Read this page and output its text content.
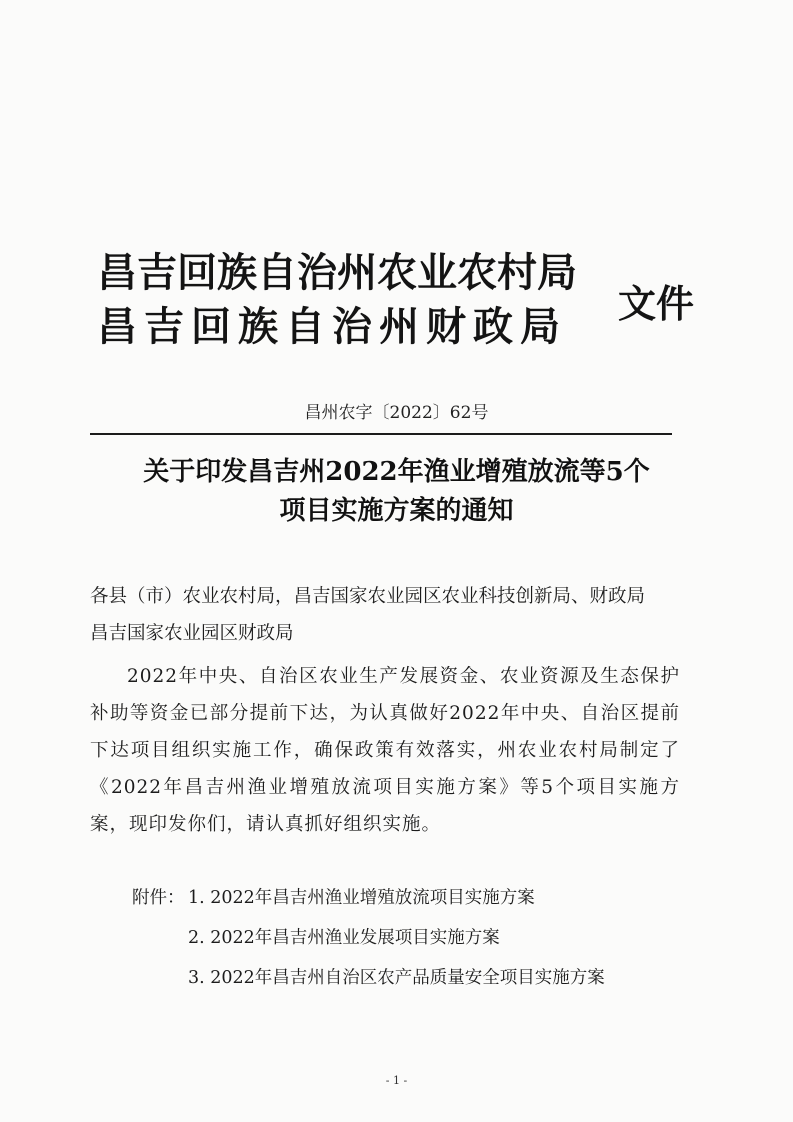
昌吉回族自治州农业农村局
昌吉回族自治州财政局 文件
昌州农字〔2022〕62号
关于印发昌吉州2022年渔业增殖放流等5个
项目实施方案的通知

各县（市）农业农村局，昌吉国家农业园区农业科技创新局、财政局

昌吉国家农业园区财政局

2022年中央、自治区农业生产发展资金、农业资源及生态保护补助等资金已部分提前下达，为认真做好2022年中央、自治区提前下达项目组织实施工作，确保政策有效落实，州农业农村局制定了《2022年昌吉州渔业增殖放流项目实施方案》等5个项目实施方案，现印发你们，请认真抓好组织实施。

附件： 1. 2022年昌吉州渔业增殖放流项目实施方案
2. 2022年昌吉州渔业发展项目实施方案
3. 2022年昌吉州自治区农产品质量安全项目实施方案
- 1 -
